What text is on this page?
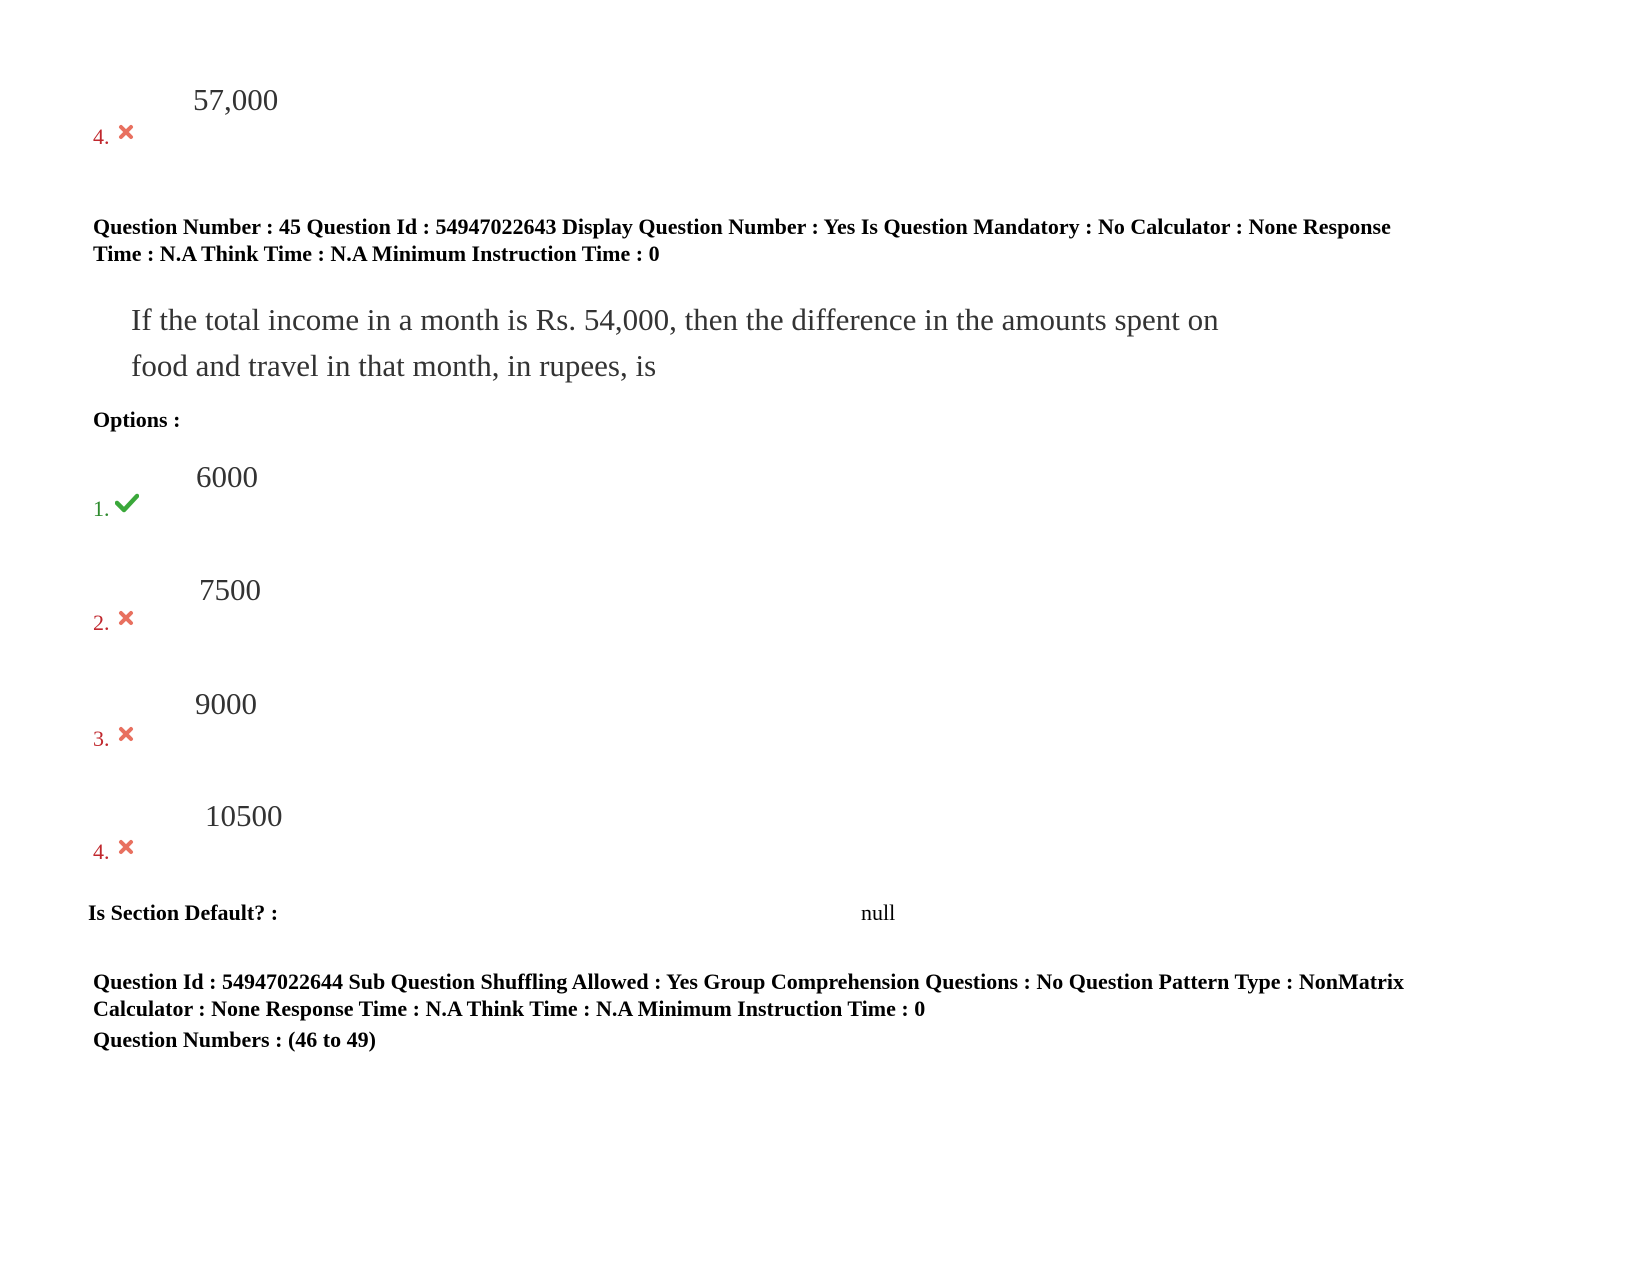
57,000
4.
Question Number : 45 Question Id : 54947022643 Display Question Number : Yes Is Question Mandatory : No Calculator : None Response
Time : N.A Think Time : N.A Minimum Instruction Time : 0
If the total income in a month is Rs. 54,000, then the difference in the amounts spent on
food and travel in that month, in rupees, is
Options :
6000
1.
7500
2.
9000
3.
10500
4.
Is Section Default? :	null
Question Id : 54947022644 Sub Question Shuffling Allowed : Yes Group Comprehension Questions : No Question Pattern Type : NonMatrix
Calculator : None Response Time : N.A Think Time : N.A Minimum Instruction Time : 0
Question Numbers : (46 to 49)
